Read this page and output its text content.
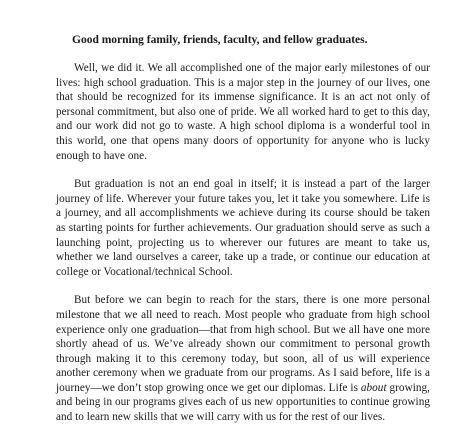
Good morning family, friends, faculty, and fellow graduates.

Well, we did it. We all accomplished one of the major early milestones of our lives: high school graduation. This is a major step in the journey of our lives, one that should be recognized for its immense significance. It is an act not only of personal commitment, but also one of pride. We all worked hard to get to this day, and our work did not go to waste. A high school diploma is a wonderful tool in this world, one that opens many doors of opportunity for anyone who is lucky enough to have one.

But graduation is not an end goal in itself; it is instead a part of the larger journey of life. Wherever your future takes you, let it take you somewhere. Life is a journey, and all accomplishments we achieve during its course should be taken as starting points for further achievements. Our graduation should serve as such a launching point, projecting us to wherever our futures are meant to take us, whether we land ourselves a career, take up a trade, or continue our education at college or Vocational/technical School.

But before we can begin to reach for the stars, there is one more personal milestone that we all need to reach. Most people who graduate from high school experience only one graduation—that from high school. But we all have one more shortly ahead of us. We’ve already shown our commitment to personal growth through making it to this ceremony today, but soon, all of us will experience another ceremony when we graduate from our programs. As I said before, life is a journey—we don’t stop growing once we get our diplomas. Life is about growing, and being in our programs gives each of us new opportunities to continue growing and to learn new skills that we will carry with us for the rest of our lives.
